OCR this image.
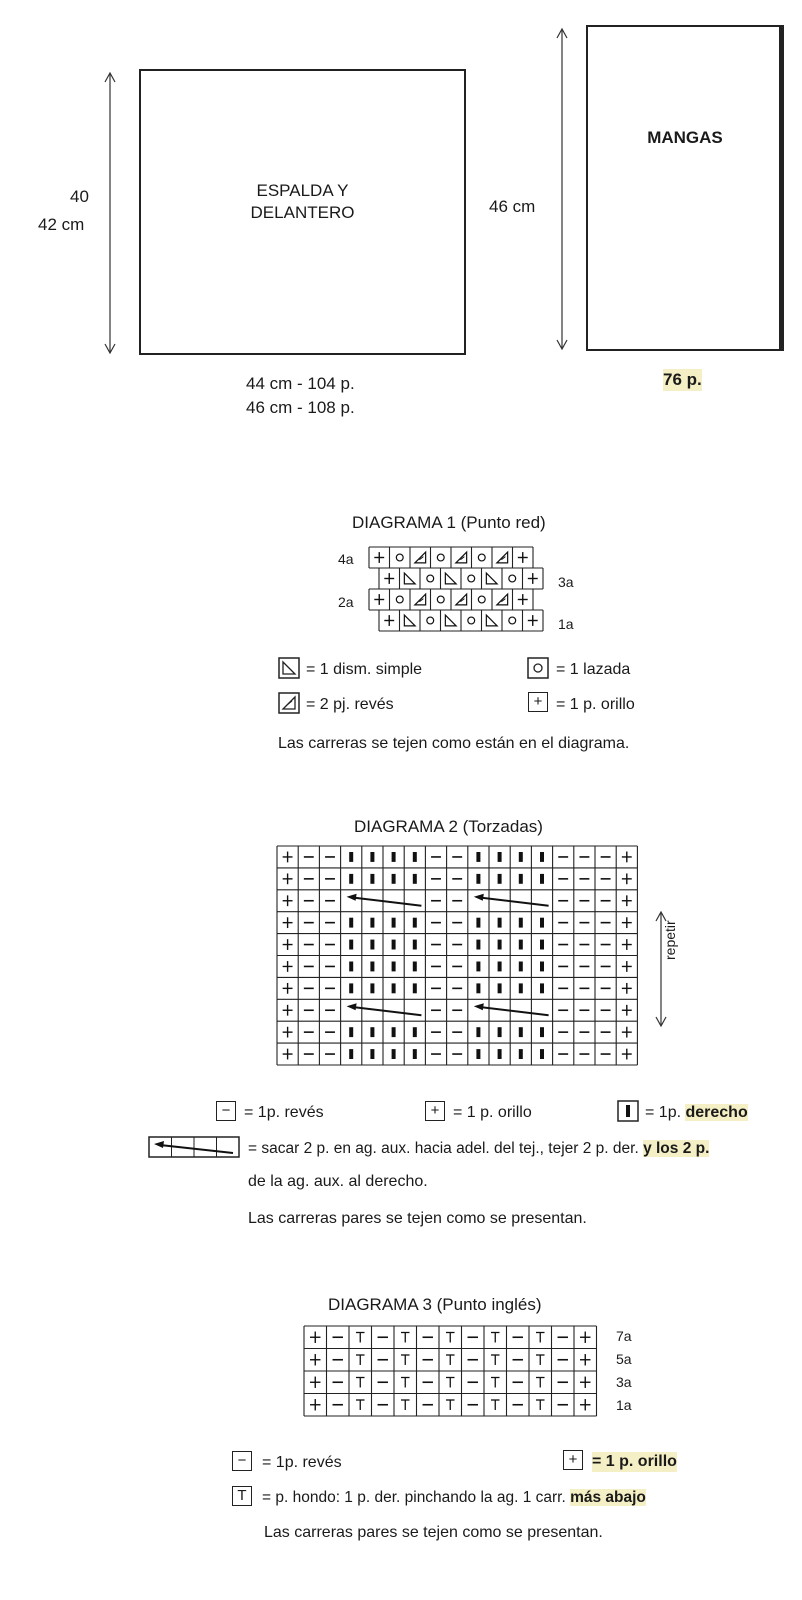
ESPALDA Y
DELANTERO
40
42 cm
44 cm - 104 p.
46 cm - 108 p.
MANGAS
46 cm
76 p.
DIAGRAMA 1 (Punto red)
4a
2a
3a
1a
= 1 dism. simple	= 1 lazada
= 2 pj. revés	+ = 1 p. orillo
Las carreras se tejen como están en el diagrama.
DIAGRAMA 2 (Torzadas)
repetir
− = 1p. revés	+ = 1 p. orillo	= 1p. derecho
= sacar 2 p. en ag. aux. hacia adel. del tej., tejer 2 p. der. y los 2 p.
de la ag. aux. al derecho.
Las carreras pares se tejen como se presentan.
DIAGRAMA 3 (Punto inglés)
7a
5a
3a
1a
− = 1p. revés	+ = 1 p. orillo
T = p. hondo: 1 p. der. pinchando la ag. 1 carr. más abajo
Las carreras pares se tejen como se presentan.
